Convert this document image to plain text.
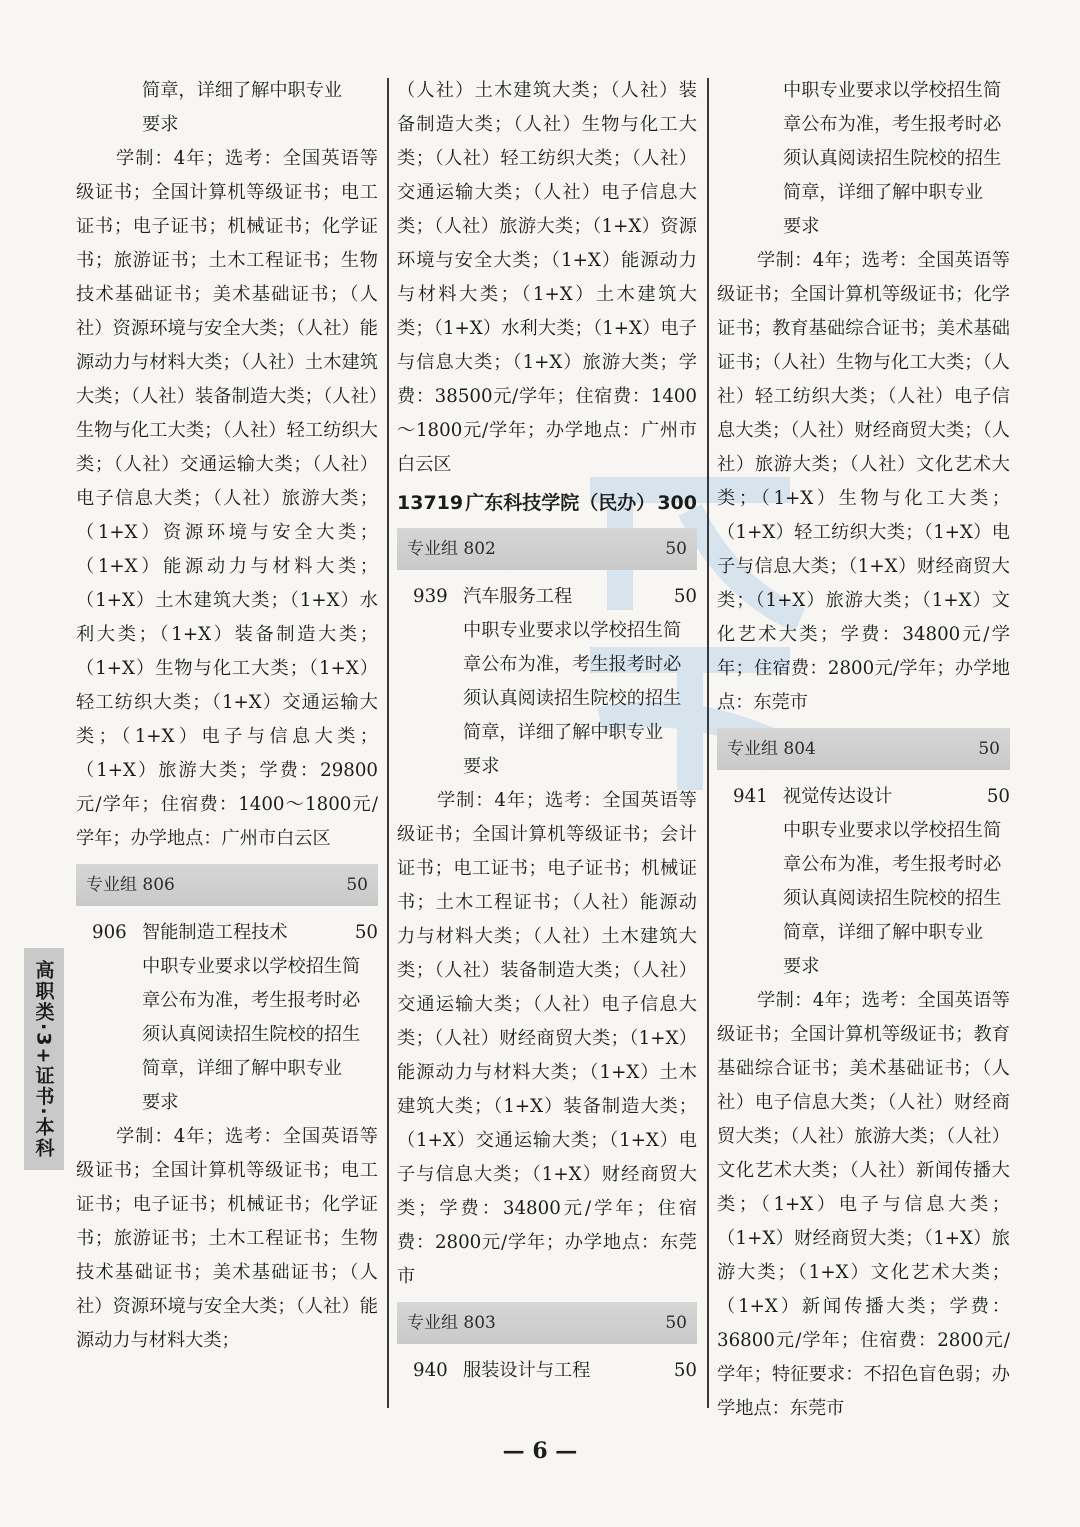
简章，详细了解中职专业
要求

学制：4年；选考：全国英语等级证书；全国计算机等级证书；电工证书；电子证书；机械证书；化学证书；旅游证书；土木工程证书；生物技术基础证书；美术基础证书；（人社）资源环境与安全大类；（人社）能源动力与材料大类；（人社）土木建筑大类；（人社）装备制造大类；（人社）生物与化工大类；（人社）轻工纺织大类；（人社）交通运输大类；（人社）电子信息大类；（人社）旅游大类；（1+X）资源环境与安全大类；（1+X）能源动力与材料大类；（1+X）土木建筑大类；（1+X）水利大类；（1+X）装备制造大类；（1+X）生物与化工大类；（1+X）轻工纺织大类；（1+X）交通运输大类；（1+X）电子与信息大类；（1+X）旅游大类；学费：29800元/学年；住宿费：1400～1800元/学年；办学地点：广州市白云区

专业组 806	50
906 智能制造工程技术	50
中职专业要求以学校招生简
章公布为准，考生报考时必
须认真阅读招生院校的招生
简章，详细了解中职专业
要求

学制：4年；选考：全国英语等级证书；全国计算机等级证书；电工证书；电子证书；机械证书；化学证书；旅游证书；土木工程证书；生物技术基础证书；美术基础证书；（人社）资源环境与安全大类；（人社）能源动力与材料大类；

（人社）土木建筑大类；（人社）装备制造大类；（人社）生物与化工大类；（人社）轻工纺织大类；（人社）交通运输大类；（人社）电子信息大类；（人社）旅游大类；（1+X）资源环境与安全大类；（1+X）能源动力与材料大类；（1+X）土木建筑大类；（1+X）水利大类；（1+X）电子与信息大类；（1+X）旅游大类；学费：38500元/学年；住宿费：1400～1800元/学年；办学地点：广州市白云区

13719 广东科技学院（民办） 300
专业组 802	50
939 汽车服务工程	50
中职专业要求以学校招生简
章公布为准，考生报考时必
须认真阅读招生院校的招生
简章，详细了解中职专业
要求

学制：4年；选考：全国英语等级证书；全国计算机等级证书；会计证书；电工证书；电子证书；机械证书；土木工程证书；（人社）能源动力与材料大类；（人社）土木建筑大类；（人社）装备制造大类；（人社）交通运输大类；（人社）电子信息大类；（人社）财经商贸大类；（1+X）能源动力与材料大类；（1+X）土木建筑大类；（1+X）装备制造大类；（1+X）交通运输大类；（1+X）电子与信息大类；（1+X）财经商贸大类；学费：34800元/学年；住宿费：2800元/学年；办学地点：东莞市

专业组 803	50
940 服装设计与工程	50
中职专业要求以学校招生简
章公布为准，考生报考时必
须认真阅读招生院校的招生
简章，详细了解中职专业
要求

学制：4年；选考：全国英语等级证书；全国计算机等级证书；化学证书；教育基础综合证书；美术基础证书；（人社）生物与化工大类；（人社）轻工纺织大类；（人社）电子信息大类；（人社）财经商贸大类；（人社）旅游大类；（人社）文化艺术大类；（1+X）生物与化工大类；（1+X）轻工纺织大类；（1+X）电子与信息大类；（1+X）财经商贸大类；（1+X）旅游大类；（1+X）文化艺术大类；学费：34800元/学年；住宿费：2800元/学年；办学地点：东莞市

专业组 804	50
941 视觉传达设计	50
中职专业要求以学校招生简
章公布为准，考生报考时必
须认真阅读招生院校的招生
简章，详细了解中职专业
要求

学制：4年；选考：全国英语等级证书；全国计算机等级证书；教育基础综合证书；美术基础证书；（人社）电子信息大类；（人社）财经商贸大类；（人社）旅游大类；（人社）文化艺术大类；（人社）新闻传播大类；（1+X）电子与信息大类；（1+X）财经商贸大类；（1+X）旅游大类；（1+X）文化艺术大类；（1+X）新闻传播大类；学费：36800元/学年；住宿费：2800元/学年；特征要求：不招色盲色弱；办学地点：东莞市

高职类·3+证书·本科
— 6 —
